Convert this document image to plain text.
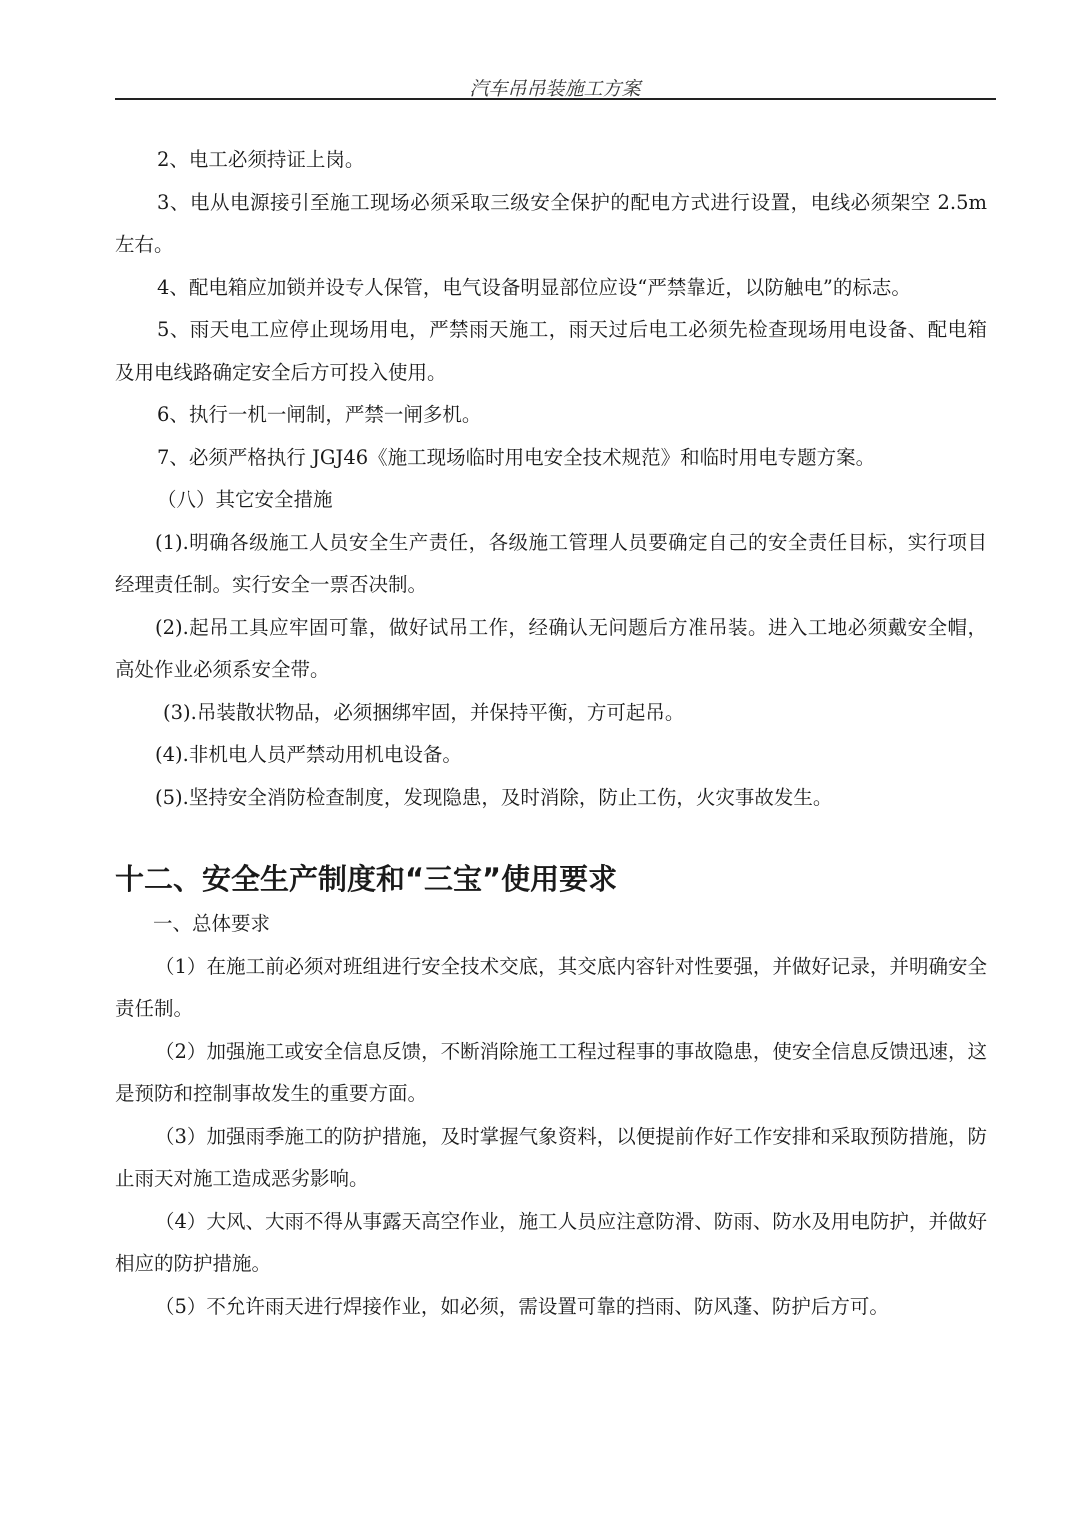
汽车吊吊装施工方案

2、电工必须持证上岗。

3、电从电源接引至施工现场必须采取三级安全保护的配电方式进行设置，电线必须架空 2.5m 左右。

4、配电箱应加锁并设专人保管，电气设备明显部位应设“严禁靠近，以防触电”的标志。

5、雨天电工应停止现场用电，严禁雨天施工，雨天过后电工必须先检查现场用电设备、配电箱及用电线路确定安全后方可投入使用。

6、执行一机一闸制，严禁一闸多机。

7、必须严格执行 JGJ46《施工现场临时用电安全技术规范》和临时用电专题方案。

（八）其它安全措施

(1).明确各级施工人员安全生产责任，各级施工管理人员要确定自己的安全责任目标，实行项目经理责任制。实行安全一票否决制。

(2).起吊工具应牢固可靠，做好试吊工作，经确认无问题后方准吊装。进入工地必须戴安全帽，高处作业必须系安全带。

(3).吊装散状物品，必须捆绑牢固，并保持平衡，方可起吊。

(4).非机电人员严禁动用机电设备。

(5).坚持安全消防检查制度，发现隐患，及时消除，防止工伤，火灾事故发生。

十二、安全生产制度和“三宝”使用要求

一、总体要求

（1）在施工前必须对班组进行安全技术交底，其交底内容针对性要强，并做好记录，并明确安全责任制。

（2）加强施工或安全信息反馈，不断消除施工工程过程事的事故隐患，使安全信息反馈迅速，这是预防和控制事故发生的重要方面。

（3）加强雨季施工的防护措施，及时掌握气象资料，以便提前作好工作安排和采取预防措施，防止雨天对施工造成恶劣影响。

（4）大风、大雨不得从事露天高空作业，施工人员应注意防滑、防雨、防水及用电防护，并做好相应的防护措施。

（5）不允许雨天进行焊接作业，如必须，需设置可靠的挡雨、防风蓬、防护后方可。
